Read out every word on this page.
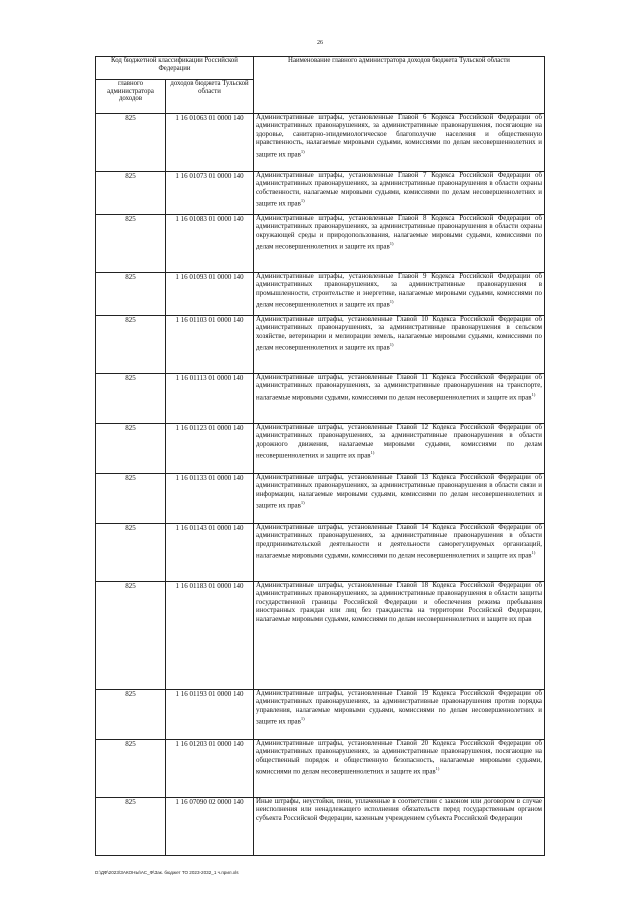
26
Код бюджетной классификации Российской Федерации		Наименование главного администратора доходов бюджета Тульской области
главного администратора доходов	доходов бюджета Тульской области	
825	1 16 01063 01 0000 140	Административные штрафы, установленные Главой 6 Кодекса Российской Федерации об административных правонарушениях, за административные правонарушения, посягающие на здоровье, санитарно-эпидемиологическое благополучие населения и общественную нравственность, налагаемые мировыми судьями, комиссиями по делам несовершеннолетних и защите их прав$^{1)}$
825	1 16 01073 01 0000 140	Административные штрафы, установленные Главой 7 Кодекса Российской Федерации об административных правонарушениях, за административные правонарушения в области охраны собственности, налагаемые мировыми судьями, комиссиями по делам несовершеннолетних и защите их прав$^{1)}$
825	1 16 01083 01 0000 140	Административные штрафы, установленные Главой 8 Кодекса Российской Федерации об административных правонарушениях, за административные правонарушения в области охраны окружающей среды и природопользования, налагаемые мировыми судьями, комиссиями по делам несовершеннолетних и защите их прав$^{1)}$
825	1 16 01093 01 0000 140	Административные штрафы, установленные Главой 9 Кодекса Российской Федерации об административных правонарушениях, за административные правонарушения в промышленности, строительстве и энергетике, налагаемые мировыми судьями, комиссиями по делам несовершеннолетних и защите их прав$^{1)}$
825	1 16 01103 01 0000 140	Административные штрафы, установленные Главой 10 Кодекса Российской Федерации об административных правонарушениях, за административные правонарушения в сельском хозяйстве, ветеринарии и мелиорации земель, налагаемые мировыми судьями, комиссиями по делам несовершеннолетних и защите их прав$^{1)}$
825	1 16 01113 01 0000 140	Административные штрафы, установленные Главой 11 Кодекса Российской Федерации об административных правонарушениях, за административные правонарушения на транспорте, налагаемые мировыми судьями, комиссиями по делам несовершеннолетних и защите их прав$^{1)}$
825	1 16 01123 01 0000 140	Административные штрафы, установленные Главой 12 Кодекса Российской Федерации об административных правонарушениях, за административные правонарушения в области дорожного движения, налагаемые мировыми судьями, комиссиями по делам несовершеннолетних и защите их прав$^{1)}$
825	1 16 01133 01 0000 140	Административные штрафы, установленные Главой 13 Кодекса Российской Федерации об административных правонарушениях, за административные правонарушения в области связи и информации, налагаемые мировыми судьями, комиссиями по делам несовершеннолетних и защите их прав$^{1)}$
825	1 16 01143 01 0000 140	Административные штрафы, установленные Главой 14 Кодекса Российской Федерации об административных правонарушениях, за административные правонарушения в области предпринимательской деятельности и деятельности саморегулируемых организаций, налагаемые мировыми судьями, комиссиями по делам несовершеннолетних и защите их прав$^{1)}$
825	1 16 01183 01 0000 140	Административные штрафы, установленные Главой 18 Кодекса Российской Федерации об административных правонарушениях, за административные правонарушения в области защиты государственной границы Российской Федерации и обеспечения режима пребывания иностранных граждан или лиц без гражданства на территории Российской Федерации, налагаемые мировыми судьями, комиссиями по делам несовершеннолетних и защите их прав
825	1 16 01193 01 0000 140	Административные штрафы, установленные Главой 19 Кодекса Российской Федерации об административных правонарушениях, за административные правонарушения против порядка управления, налагаемые мировыми судьями, комиссиями по делам несовершеннолетних и защите их прав$^{1)}$
825	1 16 01203 01 0000 140	Административные штрафы, установленные Главой 20 Кодекса Российской Федерации об административных правонарушениях, за административные правонарушения, посягающие на общественный порядок и общественную безопасность, налагаемые мировыми судьями, комиссиями по делам несовершеннолетних и защите их прав$^{1)}$
825	1 16 07090 02 0000 140	Иные штрафы, неустойки, пени, уплаченные в соответствии с законом или договором в случае неисполнения или ненадлежащего исполнения обязательств перед государственным органом субъекта Российской Федерации, казенным учреждением субъекта Российской Федерации
D:\ДФ\2023\ЗАКОНЫ\АС_Ф\Зак. бюджет ТО 2023-2032_1 ч.прил.xls
